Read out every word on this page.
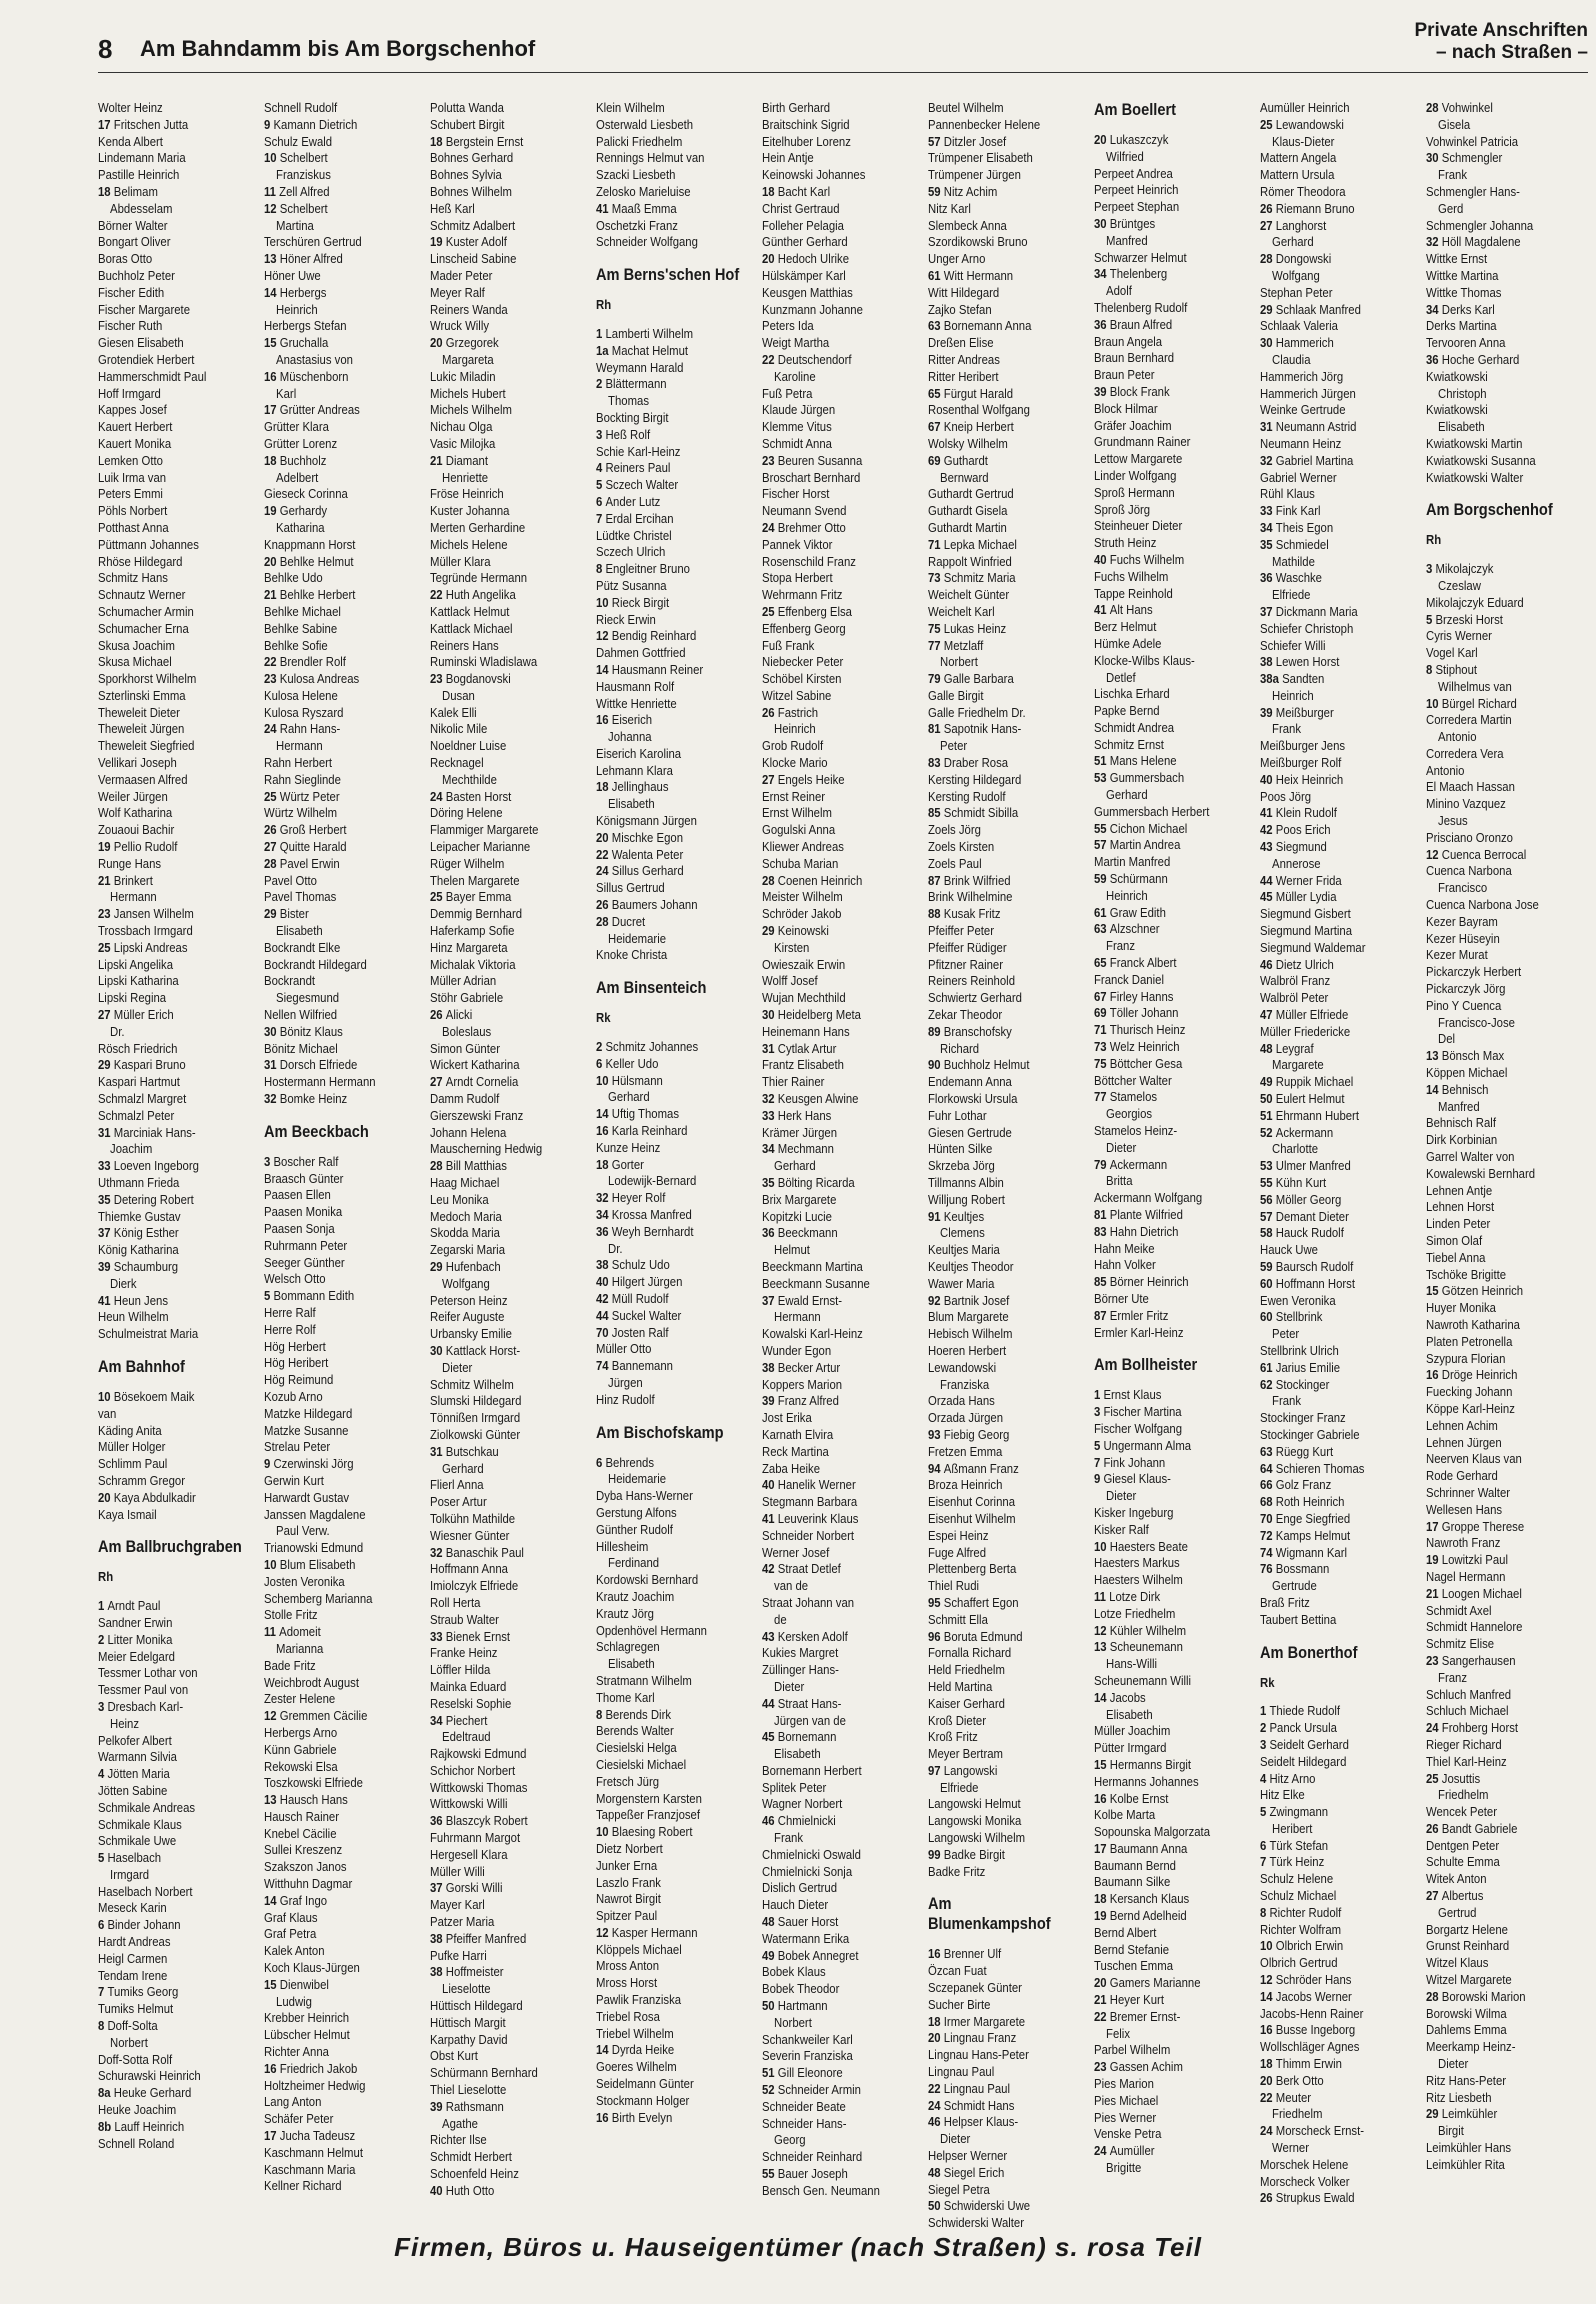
8 Am Bahndamm bis Am Borgschenhof
Private Anschriften
– nach Straßen –
Wolter Heinz
17 Fritschen Jutta
Kenda Albert
Lindemann Maria
Pastille Heinrich
18 Belimam
Abdesselam
Börner Walter
Bongart Oliver
Boras Otto
Buchholz Peter
Fischer Edith
Fischer Margarete
Fischer Ruth
Giesen Elisabeth
Grotendiek Herbert
Hammerschmidt Paul
Hoff Irmgard
Kappes Josef
Kauert Herbert
Kauert Monika
Lemken Otto
Luik Irma van
Peters Emmi
Pöhls Norbert
Potthast Anna
Püttmann Johannes
Rhöse Hildegard
Schmitz Hans
Schnautz Werner
Schumacher Armin
Schumacher Erna
Skusa Joachim
Skusa Michael
Sporkhorst Wilhelm
Szterlinski Emma
Theweleit Dieter
Theweleit Jürgen
Theweleit Siegfried
Vellikari Joseph
Vermaasen Alfred
Weiler Jürgen
Wolf Katharina
Zouaoui Bachir
19 Pellio Rudolf
Runge Hans
21 Brinkert
Hermann
23 Jansen Wilhelm
Trossbach Irmgard
25 Lipski Andreas
Lipski Angelika
Lipski Katharina
Lipski Regina
27 Müller Erich
Dr.
Rösch Friedrich
29 Kaspari Bruno
Kaspari Hartmut
Schmalzl Margret
Schmalzl Peter
31 Marciniak Hans-
Joachim
33 Loeven Ingeborg
Uthmann Frieda
35 Detering Robert
Thiemke Gustav
37 König Esther
König Katharina
39 Schaumburg
Dierk
41 Heun Jens
Heun Wilhelm
Schulmeistrat Maria
Am Bahnhof
10 Bösekoem Maik
van
Käding Anita
Müller Holger
Schlimm Paul
Schramm Gregor
20 Kaya Abdulkadir
Kaya Ismail
Am Ballbruchgraben
Rh
1 Arndt Paul
Sandner Erwin
2 Litter Monika
Meier Edelgard
Tessmer Lothar von
Tessmer Paul von
3 Dresbach Karl-
Heinz
Pelkofer Albert
Warmann Silvia
4 Jötten Maria
Jötten Sabine
Schmikale Andreas
Schmikale Klaus
Schmikale Uwe
5 Haselbach
Irmgard
Haselbach Norbert
Meseck Karin
6 Binder Johann
Hardt Andreas
Heigl Carmen
Tendam Irene
7 Tumiks Georg
Tumiks Helmut
8 Doff-Solta
Norbert
Doff-Sotta Rolf
Schurawski Heinrich
8a Heuke Gerhard
Heuke Joachim
8b Lauff Heinrich
Schnell Roland
Schnell Rudolf
9 Kamann Dietrich
Schulz Ewald
10 Schelbert
Franziskus
11 Zell Alfred
12 Schelbert
Martina
Terschüren Gertrud
13 Höner Alfred
Höner Uwe
14 Herbergs
Heinrich
Herbergs Stefan
15 Gruchalla
Anastasius von
16 Müschenborn
Karl
17 Grütter Andreas
Grütter Klara
Grütter Lorenz
18 Buchholz
Adelbert
Gieseck Corinna
19 Gerhardy
Katharina
Knappmann Horst
20 Behlke Helmut
Behlke Udo
21 Behlke Herbert
Behlke Michael
Behlke Sabine
Behlke Sofie
22 Brendler Rolf
23 Kulosa Andreas
Kulosa Helene
Kulosa Ryszard
24 Rahn Hans-
Hermann
Rahn Herbert
Rahn Sieglinde
25 Würtz Peter
Würtz Wilhelm
26 Groß Herbert
27 Quitte Harald
28 Pavel Erwin
Pavel Otto
Pavel Thomas
29 Bister
Elisabeth
Bockrandt Elke
Bockrandt Hildegard
Bockrandt
Siegesmund
Nellen Wilfried
30 Bönitz Klaus
Bönitz Michael
31 Dorsch Elfriede
Hostermann Hermann
32 Bomke Heinz
Am Beeckbach
3 Boscher Ralf
Braasch Günter
Paasen Ellen
Paasen Monika
Paasen Sonja
Ruhrmann Peter
Seeger Günther
Welsch Otto
5 Bommann Edith
Herre Ralf
Herre Rolf
Hög Herbert
Hög Heribert
Hög Reimund
Kozub Arno
Matzke Hildegard
Matzke Susanne
Strelau Peter
9 Czerwinski Jörg
Gerwin Kurt
Harwardt Gustav
Janssen Magdalene
Paul Verw.
Trianowski Edmund
10 Blum Elisabeth
Josten Veronika
Schemberg Marianna
Stolle Fritz
11 Adomeit
Marianna
Bade Fritz
Weichbrodt August
Zester Helene
12 Gremmen Cäcilie
Herbergs Arno
Künn Gabriele
Rekowski Elsa
Toszkowski Elfriede
13 Hausch Hans
Hausch Rainer
Knebel Cäcilie
Sullei Kreszenz
Szakszon Janos
Witthuhn Dagmar
14 Graf Ingo
Graf Klaus
Graf Petra
Kalek Anton
Koch Klaus-Jürgen
15 Dienwibel
Ludwig
Krebber Heinrich
Lübscher Helmut
Richter Anna
16 Friedrich Jakob
Holtzheimer Hedwig
Lang Anton
Schäfer Peter
17 Jucha Tadeusz
Kaschmann Helmut
Kaschmann Maria
Kellner Richard
Polutta Wanda
Schubert Birgit
18 Bergstein Ernst
Bohnes Gerhard
Bohnes Sylvia
Bohnes Wilhelm
Heß Karl
Schmitz Adalbert
19 Kuster Adolf
Linscheid Sabine
Mader Peter
Meyer Ralf
Reiners Wanda
Wruck Willy
20 Grzegorek
Margareta
Lukic Miladin
Michels Hubert
Michels Wilhelm
Nichau Olga
Vasic Milojka
21 Diamant
Henriette
Fröse Heinrich
Kuster Johanna
Merten Gerhardine
Michels Helene
Müller Klara
Tegründe Hermann
22 Huth Angelika
Kattlack Helmut
Kattlack Michael
Reiners Hans
Ruminski Wladislawa
23 Bogdanovski
Dusan
Kalek Elli
Nikolic Mile
Noeldner Luise
Recknagel
Mechthilde
24 Basten Horst
Döring Helene
Flammiger Margarete
Leipacher Marianne
Rüger Wilhelm
Thelen Margarete
25 Bayer Emma
Demmig Bernhard
Haferkamp Sofie
Hinz Margareta
Michalak Viktoria
Müller Adrian
Stöhr Gabriele
26 Alicki
Boleslaus
Simon Günter
Wickert Katharina
27 Arndt Cornelia
Damm Rudolf
Gierszewski Franz
Johann Helena
Mauscherning Hedwig
28 Bill Matthias
Haag Michael
Leu Monika
Medoch Maria
Skodda Maria
Zegarski Maria
29 Hufenbach
Wolfgang
Peterson Heinz
Reifer Auguste
Urbansky Emilie
30 Kattlack Horst-
Dieter
Schmitz Wilhelm
Slumski Hildegard
Tönnißen Irmgard
Ziolkowski Günter
31 Butschkau
Gerhard
Flierl Anna
Poser Artur
Tolkühn Mathilde
Wiesner Günter
32 Banaschik Paul
Hoffmann Anna
Imiolczyk Elfriede
Roll Herta
Straub Walter
33 Bienek Ernst
Franke Heinz
Löffler Hilda
Mainka Eduard
Reselski Sophie
34 Piechert
Edeltraud
Rajkowski Edmund
Schichor Norbert
Wittkowski Thomas
Wittkowski Willi
36 Blaszcyk Robert
Fuhrmann Margot
Hergesell Klara
Müller Willi
37 Gorski Willi
Mayer Karl
Patzer Maria
38 Pfeiffer Manfred
Pufke Harri
38 Hoffmeister
Lieselotte
Hüttisch Hildegard
Hüttisch Margit
Karpathy David
Obst Kurt
Schürmann Bernhard
Thiel Lieselotte
39 Rathsmann
Agathe
Richter Ilse
Schmidt Herbert
Schoenfeld Heinz
40 Huth Otto
Klein Wilhelm
Osterwald Liesbeth
Palicki Friedhelm
Rennings Helmut van
Szacki Liesbeth
Zelosko Marieluise
41 Maaß Emma
Oschetzki Franz
Schneider Wolfgang
Am Berns'schen Hof
Rh
1 Lamberti Wilhelm
1a Machat Helmut
Weymann Harald
2 Blättermann
Thomas
Bockting Birgit
3 Heß Rolf
Schie Karl-Heinz
4 Reiners Paul
5 Sczech Walter
6 Ander Lutz
7 Erdal Ercihan
Lüdtke Christel
Sczech Ulrich
8 Engleitner Bruno
Pütz Susanna
10 Rieck Birgit
Rieck Erwin
12 Bendig Reinhard
Dahmen Gottfried
14 Hausmann Reiner
Hausmann Rolf
Wittke Henriette
16 Eiserich
Johanna
Eiserich Karolina
Lehmann Klara
18 Jellinghaus
Elisabeth
Königsmann Jürgen
20 Mischke Egon
22 Walenta Peter
24 Sillus Gerhard
Sillus Gertrud
26 Baumers Johann
28 Ducret
Heidemarie
Knoke Christa
Am Binsenteich
Rk
2 Schmitz Johannes
6 Keller Udo
10 Hülsmann
Gerhard
14 Uftig Thomas
16 Karla Reinhard
Kunze Heinz
18 Gorter
Lodewijk-Bernard
32 Heyer Rolf
34 Krossa Manfred
36 Weyh Bernhardt
Dr.
38 Schulz Udo
40 Hilgert Jürgen
42 Müll Rudolf
44 Suckel Walter
70 Josten Ralf
Müller Otto
74 Bannemann
Jürgen
Hinz Rudolf
Am Bischofskamp
6 Behrends
Heidemarie
Dyba Hans-Werner
Gerstung Alfons
Günther Rudolf
Hillesheim
Ferdinand
Kordowski Bernhard
Krautz Joachim
Krautz Jörg
Opdenhövel Hermann
Schlagregen
Elisabeth
Stratmann Wilhelm
Thome Karl
8 Berends Dirk
Berends Walter
Ciesielski Helga
Ciesielski Michael
Fretsch Jürg
Morgenstern Karsten
Tappeßer Franzjosef
10 Blaesing Robert
Dietz Norbert
Junker Erna
Laszlo Frank
Nawrot Birgit
Spitzer Paul
12 Kasper Hermann
Klöppels Michael
Mross Anton
Mross Horst
Pawlik Franziska
Triebel Rosa
Triebel Wilhelm
14 Dyrda Heike
Goeres Wilhelm
Seidelmann Günter
Stockmann Holger
16 Birth Evelyn
Birth Gerhard
Braitschink Sigrid
Eitelhuber Lorenz
Hein Antje
Keinowski Johannes
18 Bacht Karl
Christ Gertraud
Folleher Pelagia
Günther Gerhard
20 Hedoch Ulrike
Hülskämper Karl
Keusgen Matthias
Kunzmann Johanne
Peters Ida
Weigt Martha
22 Deutschendorf
Karoline
Fuß Petra
Klaude Jürgen
Klemme Vitus
Schmidt Anna
23 Beuren Susanna
Broschart Bernhard
Fischer Horst
Neumann Svend
24 Brehmer Otto
Pannek Viktor
Rosenschild Franz
Stopa Herbert
Wehrmann Fritz
25 Effenberg Elsa
Effenberg Georg
Fuß Frank
Niebecker Peter
Schöbel Kirsten
Witzel Sabine
26 Fastrich
Heinrich
Grob Rudolf
Klocke Mario
27 Engels Heike
Ernst Reiner
Ernst Wilhelm
Gogulski Anna
Kliewer Andreas
Schuba Marian
28 Coenen Heinrich
Meister Wilhelm
Schröder Jakob
29 Keinowski
Kirsten
Owieszaik Erwin
Wolff Josef
Wujan Mechthild
30 Heidelberg Meta
Heinemann Hans
31 Cytlak Artur
Frantz Elisabeth
Thier Rainer
32 Keusgen Alwine
33 Herk Hans
Krämer Jürgen
34 Mechmann
Gerhard
35 Bölting Ricarda
Brix Margarete
Kopitzki Lucie
36 Beeckmann
Helmut
Beeckmann Martina
Beeckmann Susanne
37 Ewald Ernst-
Hermann
Kowalski Karl-Heinz
Wunder Egon
38 Becker Artur
Koppers Marion
39 Franz Alfred
Jost Erika
Karnath Elvira
Reck Martina
Zaba Heike
40 Hanelik Werner
Stegmann Barbara
41 Leuverink Klaus
Schneider Norbert
Werner Josef
42 Straat Detlef
van de
Straat Johann van
de
43 Kersken Adolf
Kukies Margret
Züllinger Hans-
Dieter
44 Straat Hans-
Jürgen van de
45 Bornemann
Elisabeth
Bornemann Herbert
Splitek Peter
Wagner Norbert
46 Chmielnicki
Frank
Chmielnicki Oswald
Chmielnicki Sonja
Dislich Gertrud
Hauch Dieter
48 Sauer Horst
Watermann Erika
49 Bobek Annegret
Bobek Klaus
Bobek Theodor
50 Hartmann
Norbert
Schankweiler Karl
Severin Franziska
51 Gill Eleonore
52 Schneider Armin
Schneider Beate
Schneider Hans-
Georg
Schneider Reinhard
55 Bauer Joseph
Bensch Gen. Neumann
Beutel Wilhelm
Pannenbecker Helene
57 Ditzler Josef
Trümpener Elisabeth
Trümpener Jürgen
59 Nitz Achim
Nitz Karl
Slembeck Anna
Szordikowski Bruno
Unger Arno
61 Witt Hermann
Witt Hildegard
Zajko Stefan
63 Bornemann Anna
Dreßen Elise
Ritter Andreas
Ritter Heribert
65 Fürgut Harald
Rosenthal Wolfgang
67 Kneip Herbert
Wolsky Wilhelm
69 Guthardt
Bernward
Guthardt Gertrud
Guthardt Gisela
Guthardt Martin
71 Lepka Michael
Rappolt Winfried
73 Schmitz Maria
Weichelt Günter
Weichelt Karl
75 Lukas Heinz
77 Metzlaff
Norbert
79 Galle Barbara
Galle Birgit
Galle Friedhelm Dr.
81 Sapotnik Hans-
Peter
83 Draber Rosa
Kersting Hildegard
Kersting Rudolf
85 Schmidt Sibilla
Zoels Jörg
Zoels Kirsten
Zoels Paul
87 Brink Wilfried
Brink Wilhelmine
88 Kusak Fritz
Pfeiffer Peter
Pfeiffer Rüdiger
Pfitzner Rainer
Reiners Reinhold
Schwiertz Gerhard
Zekar Theodor
89 Branschofsky
Richard
90 Buchholz Helmut
Endemann Anna
Florkowski Ursula
Fuhr Lothar
Giesen Gertrude
Hünten Silke
Skrzeba Jörg
Tillmanns Albin
Willjung Robert
91 Keultjes
Clemens
Keultjes Maria
Keultjes Theodor
Wawer Maria
92 Bartnik Josef
Blum Margarete
Hebisch Wilhelm
Hoeren Herbert
Lewandowski
Franziska
Orzada Hans
Orzada Jürgen
93 Fiebig Georg
Fretzen Emma
94 Aßmann Franz
Broza Heinrich
Eisenhut Corinna
Eisenhut Wilhelm
Espei Heinz
Fuge Alfred
Plettenberg Berta
Thiel Rudi
95 Schaffert Egon
Schmitt Ella
96 Boruta Edmund
Fornalla Richard
Held Friedhelm
Held Martina
Kaiser Gerhard
Kroß Dieter
Kroß Fritz
Meyer Bertram
97 Langowski
Elfriede
Langowski Helmut
Langowski Monika
Langowski Wilhelm
99 Badke Birgit
Badke Fritz
Am Blumenkampshof
16 Brenner Ulf
Özcan Fuat
Sczepanek Günter
Sucher Birte
18 Irmer Margarete
20 Lingnau Franz
Lingnau Hans-Peter
Lingnau Paul
22 Lingnau Paul
24 Schmidt Hans
46 Helpser Klaus-
Dieter
Helpser Werner
48 Siegel Erich
Siegel Petra
50 Schwiderski Uwe
Schwiderski Walter
Am Boellert
20 Lukaszczyk
Wilfried
Perpeet Andrea
Perpeet Heinrich
Perpeet Stephan
30 Brüntges
Manfred
Schwarzer Helmut
34 Thelenberg
Adolf
Thelenberg Rudolf
36 Braun Alfred
Braun Angela
Braun Bernhard
Braun Peter
39 Block Frank
Block Hilmar
Gräfer Joachim
Grundmann Rainer
Lettow Margarete
Linder Wolfgang
Sproß Hermann
Sproß Jörg
Steinheuer Dieter
Struth Heinz
40 Fuchs Wilhelm
Fuchs Wilhelm
Tappe Reinhold
41 Alt Hans
Berz Helmut
Hümke Adele
Klocke-Wilbs Klaus-
Detlef
Lischka Erhard
Papke Bernd
Schmidt Andrea
Schmitz Ernst
51 Mans Helene
53 Gummersbach
Gerhard
Gummersbach Herbert
55 Cichon Michael
57 Martin Andrea
Martin Manfred
59 Schürmann
Heinrich
61 Graw Edith
63 Alzschner
Franz
65 Franck Albert
Franck Daniel
67 Firley Hanns
69 Töller Johann
71 Thurisch Heinz
73 Welz Heinrich
75 Böttcher Gesa
Böttcher Walter
77 Stamelos
Georgios
Stamelos Heinz-
Dieter
79 Ackermann
Britta
Ackermann Wolfgang
81 Plante Wilfried
83 Hahn Dietrich
Hahn Meike
Hahn Volker
85 Börner Heinrich
Börner Ute
87 Ermler Fritz
Ermler Karl-Heinz
Am Bollheister
1 Ernst Klaus
3 Fischer Martina
Fischer Wolfgang
5 Ungermann Alma
7 Fink Johann
9 Giesel Klaus-
Dieter
Kisker Ingeburg
Kisker Ralf
10 Haesters Beate
Haesters Markus
Haesters Wilhelm
11 Lotze Dirk
Lotze Friedhelm
12 Kühler Wilhelm
13 Scheunemann
Hans-Willi
Scheunemann Willi
14 Jacobs
Elisabeth
Müller Joachim
Pütter Irmgard
15 Hermanns Birgit
Hermanns Johannes
16 Kolbe Ernst
Kolbe Marta
Sopounska Malgorzata
17 Baumann Anna
Baumann Bernd
Baumann Silke
18 Kersanch Klaus
19 Bernd Adelheid
Bernd Albert
Bernd Stefanie
Tuschen Emma
20 Gamers Marianne
21 Heyer Kurt
22 Bremer Ernst-
Felix
Parbel Wilhelm
23 Gassen Achim
Pies Marion
Pies Michael
Pies Werner
Venske Petra
24 Aumüller
Brigitte
Aumüller Heinrich
25 Lewandowski
Klaus-Dieter
Mattern Angela
Mattern Ursula
Römer Theodora
26 Riemann Bruno
27 Langhorst
Gerhard
28 Dongowski
Wolfgang
Stephan Peter
29 Schlaak Manfred
Schlaak Valeria
30 Hammerich
Claudia
Hammerich Jörg
Hammerich Jürgen
Weinke Gertrude
31 Neumann Astrid
Neumann Heinz
32 Gabriel Martina
Gabriel Werner
Rühl Klaus
33 Fink Karl
34 Theis Egon
35 Schmiedel
Mathilde
36 Waschke
Elfriede
37 Dickmann Maria
Schiefer Christoph
Schiefer Willi
38 Lewen Horst
38a Sandten
Heinrich
39 Meißburger
Frank
Meißburger Jens
Meißburger Rolf
40 Heix Heinrich
Poos Jörg
41 Klein Rudolf
42 Poos Erich
43 Siegmund
Annerose
44 Werner Frida
45 Müller Lydia
Siegmund Gisbert
Siegmund Martina
Siegmund Waldemar
46 Dietz Ulrich
Walbröl Franz
Walbröl Peter
47 Müller Elfriede
Müller Friedericke
48 Leygraf
Margarete
49 Ruppik Michael
50 Eulert Helmut
51 Ehrmann Hubert
52 Ackermann
Charlotte
53 Ulmer Manfred
55 Kühn Kurt
56 Möller Georg
57 Demant Dieter
58 Hauck Rudolf
Hauck Uwe
59 Baursch Rudolf
60 Hoffmann Horst
Ewen Veronika
60 Stellbrink
Peter
Stellbrink Ulrich
61 Jarius Emilie
62 Stockinger
Frank
Stockinger Franz
Stockinger Gabriele
63 Rüegg Kurt
64 Schieren Thomas
66 Golz Franz
68 Roth Heinrich
70 Enge Siegfried
72 Kamps Helmut
74 Wigmann Karl
76 Bossmann
Gertrude
Braß Fritz
Taubert Bettina
Am Bonerthof
Rk
1 Thiede Rudolf
2 Panck Ursula
3 Seidelt Gerhard
Seidelt Hildegard
4 Hitz Arno
Hitz Elke
5 Zwingmann
Heribert
6 Türk Stefan
7 Türk Heinz
Schulz Helene
Schulz Michael
8 Richter Rudolf
Richter Wolfram
10 Olbrich Erwin
Olbrich Gertrud
12 Schröder Hans
14 Jacobs Werner
Jacobs-Henn Rainer
16 Busse Ingeborg
Wollschläger Agnes
18 Thimm Erwin
20 Berk Otto
22 Meuter
Friedhelm
24 Morscheck Ernst-
Werner
Morschek Helene
Morscheck Volker
26 Strupkus Ewald
28 Vohwinkel
Gisela
Vohwinkel Patricia
30 Schmengler
Frank
Schmengler Hans-
Gerd
Schmengler Johanna
32 Höll Magdalene
Wittke Ernst
Wittke Martina
Wittke Thomas
34 Derks Karl
Derks Martina
Tervooren Anna
36 Hoche Gerhard
Kwiatkowski
Christoph
Kwiatkowski
Elisabeth
Kwiatkowski Martin
Kwiatkowski Susanna
Kwiatkowski Walter
Am Borgschenhof
Rh
3 Mikolajczyk
Czeslaw
Mikolajczyk Eduard
5 Brzeski Horst
Cyris Werner
Vogel Karl
8 Stiphout
Wilhelmus van
10 Bürgel Richard
Corredera Martin
Antonio
Corredera Vera
Antonio
El Maach Hassan
Minino Vazquez
Jesus
Prisciano Oronzo
12 Cuenca Berrocal
Cuenca Narbona
Francisco
Cuenca Narbona Jose
Kezer Bayram
Kezer Hüseyin
Kezer Murat
Pickarczyk Herbert
Pickarczyk Jörg
Pino Y Cuenca
Francisco-Jose
Del
13 Bönsch Max
Köppen Michael
14 Behnisch
Manfred
Behnisch Ralf
Dirk Korbinian
Garrel Walter von
Kowalewski Bernhard
Lehnen Antje
Lehnen Horst
Linden Peter
Simon Olaf
Tiebel Anna
Tschöke Brigitte
15 Götzen Heinrich
Huyer Monika
Nawroth Katharina
Platen Petronella
Szypura Florian
16 Dröge Heinrich
Fuecking Johann
Köppe Karl-Heinz
Lehnen Achim
Lehnen Jürgen
Neerven Klaus van
Rode Gerhard
Schrinner Walter
Wellesen Hans
17 Groppe Therese
Nawroth Franz
19 Lowitzki Paul
Nagel Hermann
21 Loogen Michael
Schmidt Axel
Schmidt Hannelore
Schmitz Elise
23 Sangerhausen
Franz
Schluch Manfred
Schluch Michael
24 Frohberg Horst
Rieger Richard
Thiel Karl-Heinz
25 Josuttis
Friedhelm
Wencek Peter
26 Bandt Gabriele
Dentgen Peter
Schulte Emma
Witek Anton
27 Albertus
Gertrud
Borgartz Helene
Grunst Reinhard
Witzel Klaus
Witzel Margarete
28 Borowski Marion
Borowski Wilma
Dahlems Emma
Meerkamp Heinz-
Dieter
Ritz Hans-Peter
Ritz Liesbeth
29 Leimkühler
Birgit
Leimkühler Hans
Leimkühler Rita
Firmen, Büros u. Hauseigentümer (nach Straßen) s. rosa Teil
